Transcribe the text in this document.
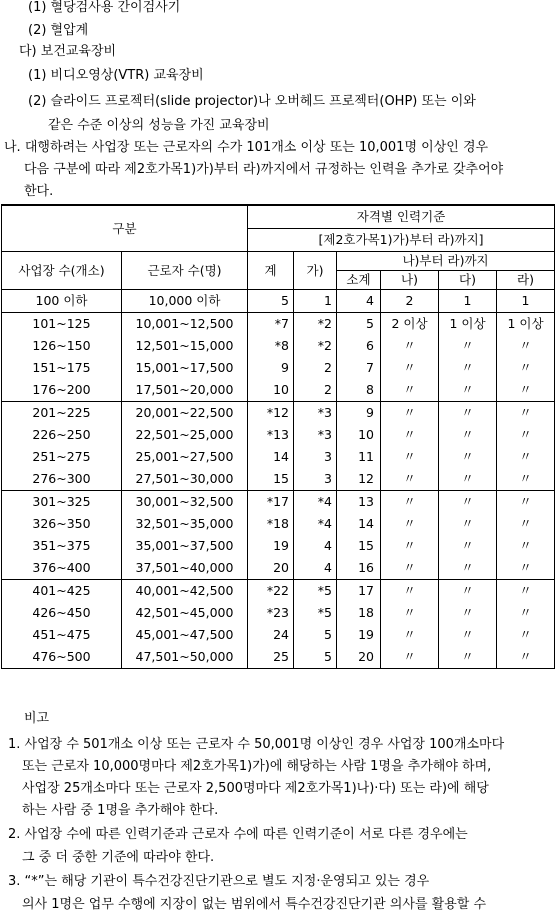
(1) 혈당검사용 간이검사기
(2) 혈압계
다) 보건교육장비
(1) 비디오영상(VTR) 교육장비
(2) 슬라이드 프로젝터(slide projector)나 오버헤드 프로젝터(OHP) 또는 이와
같은 수준 이상의 성능을 가진 교육장비
나. 대행하려는 사업장 또는 근로자의 수가 101개소 이상 또는 10,001명 이상인 경우
다음 구분에 따라 제2호가목1)가)부터 라)까지에서 규정하는 인력을 추가로 갖추어야
한다.
구분		자격별 인력기준					
		[제2호가목1)가)부터 라)까지]					
사업장 수(개소)	근로자 수(명)	계	가)	나)부터 라)까지			
				소계	나)	다)	라)
100 이하	10,000 이하	5	1	4	2	1	1
101~125	10,001~12,500	*7	*2	5	2 이상	1 이상	1 이상
126~150	12,501~15,000	*8	*2	6	〃	〃	〃
151~175	15,001~17,500	9	2	7	〃	〃	〃
176~200	17,501~20,000	10	2	8	〃	〃	〃
201~225	20,001~22,500	*12	*3	9	〃	〃	〃
226~250	22,501~25,000	*13	*3	10	〃	〃	〃
251~275	25,001~27,500	14	3	11	〃	〃	〃
276~300	27,501~30,000	15	3	12	〃	〃	〃
301~325	30,001~32,500	*17	*4	13	〃	〃	〃
326~350	32,501~35,000	*18	*4	14	〃	〃	〃
351~375	35,001~37,500	19	4	15	〃	〃	〃
376~400	37,501~40,000	20	4	16	〃	〃	〃
401~425	40,001~42,500	*22	*5	17	〃	〃	〃
426~450	42,501~45,000	*23	*5	18	〃	〃	〃
451~475	45,001~47,500	24	5	19	〃	〃	〃
476~500	47,501~50,000	25	5	20	〃	〃	〃
비고
1. 사업장 수 501개소 이상 또는 근로자 수 50,001명 이상인 경우 사업장 100개소마다
또는 근로자 10,000명마다 제2호가목1)가)에 해당하는 사람 1명을 추가해야 하며,
사업장 25개소마다 또는 근로자 2,500명마다 제2호가목1)나)·다) 또는 라)에 해당
하는 사람 중 1명을 추가해야 한다.
2. 사업장 수에 따른 인력기준과 근로자 수에 따른 인력기준이 서로 다른 경우에는
그 중 더 중한 기준에 따라야 한다.
3. “*”는 해당 기관이 특수건강진단기관으로 별도 지정·운영되고 있는 경우
의사 1명은 업무 수행에 지장이 없는 범위에서 특수건강진단기관 의사를 활용할 수
